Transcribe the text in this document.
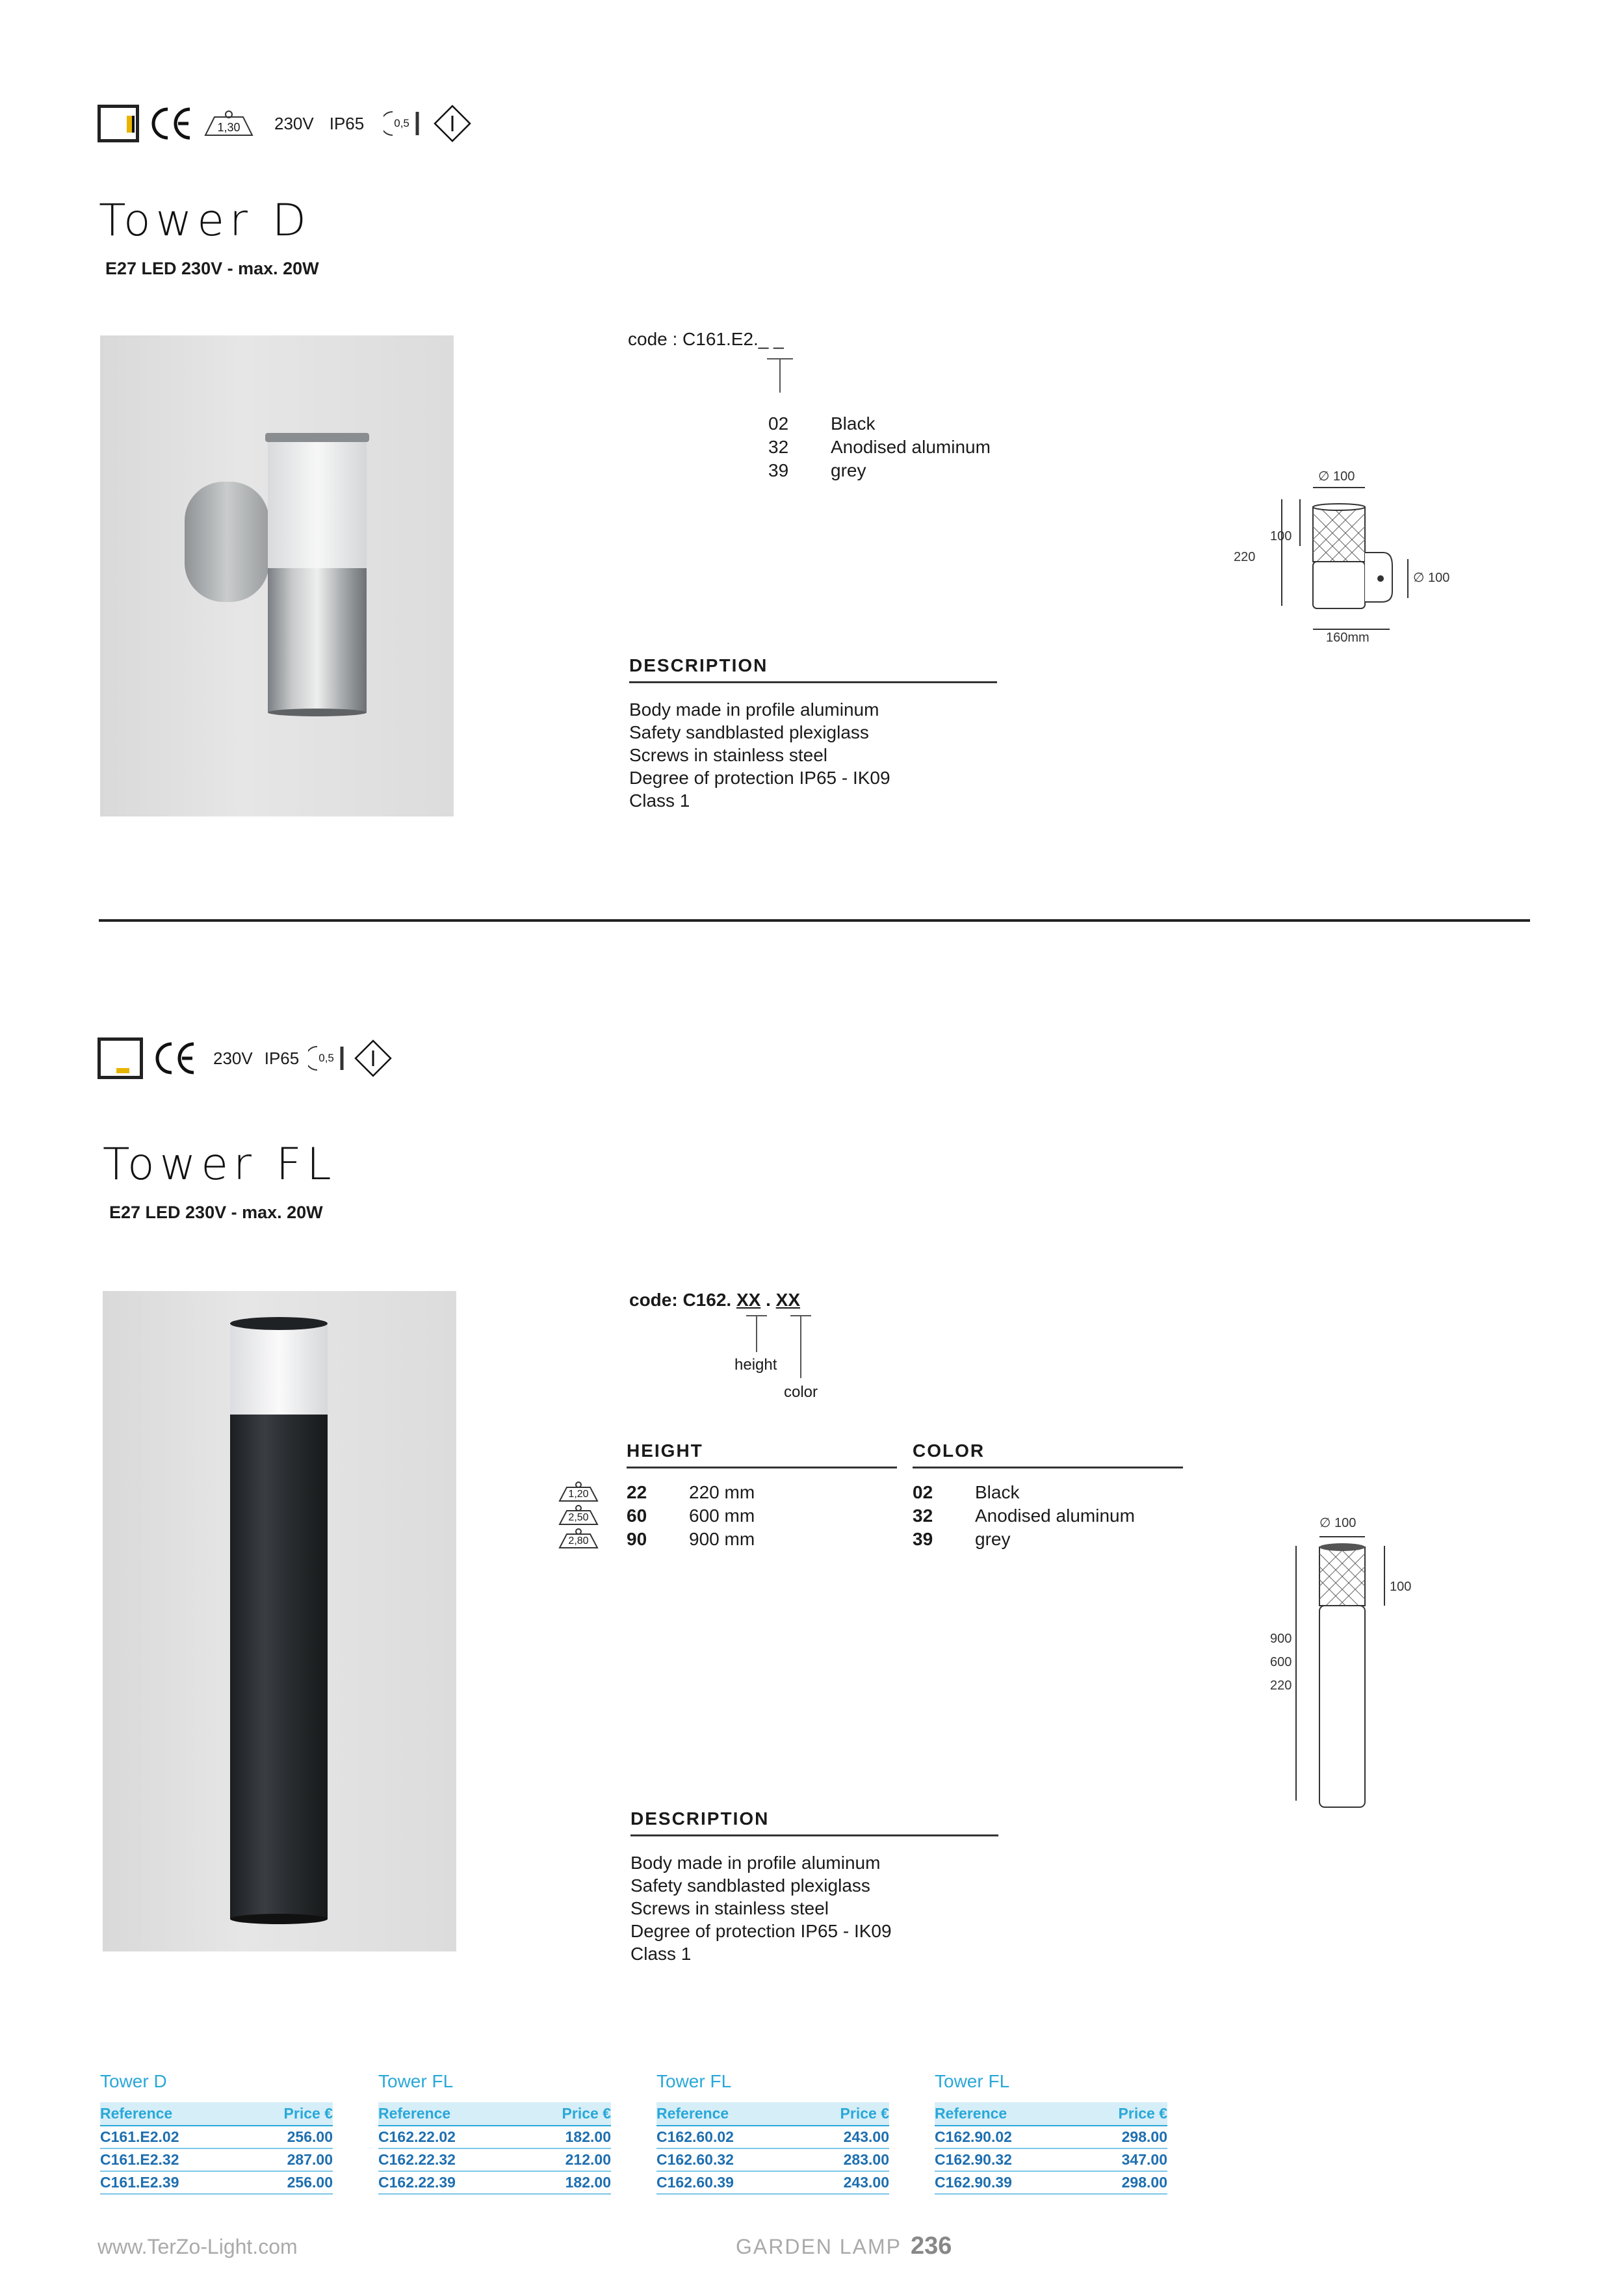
1,30	230V IP65	0,5
Tower D
E27 LED 230V - max. 20W
code : C161.E2._ _
02	Black
32	Anodised aluminum
39	grey	∅ 100
100
220
∅ 100
160mm
DESCRIPTION
Body made in profile aluminum
Safety sandblasted plexiglass
Screws in stainless steel
Degree of protection IP65 - IK09
Class 1
230V IP65 0,5
Tower FL
E27 LED 230V - max. 20W
code: C162. XX . XX
height
color
HEIGHT	COLOR
1,20	22	220 mm
2,50	60	600 mm
2,80	90	900 mm
02	Black
32	Anodised aluminum
39	grey
∅ 100
100
900
600
220
DESCRIPTION
Body made in profile aluminum
Safety sandblasted plexiglass
Screws in stainless steel
Degree of protection IP65 - IK09
Class 1
Tower D
Reference	Price €
C161.E2.02	256.00
C161.E2.32	287.00
C161.E2.39	256.00
Tower FL
Reference	Price €
C162.22.02	182.00
C162.22.32	212.00
C162.22.39	182.00
Tower FL
Reference	Price €
C162.60.02	243.00
C162.60.32	283.00
C162.60.39	243.00
Tower FL
Reference	Price €
C162.90.02	298.00
C162.90.32	347.00
C162.90.39	298.00
www.TerZo-Light.com	GARDEN LAMP 236
